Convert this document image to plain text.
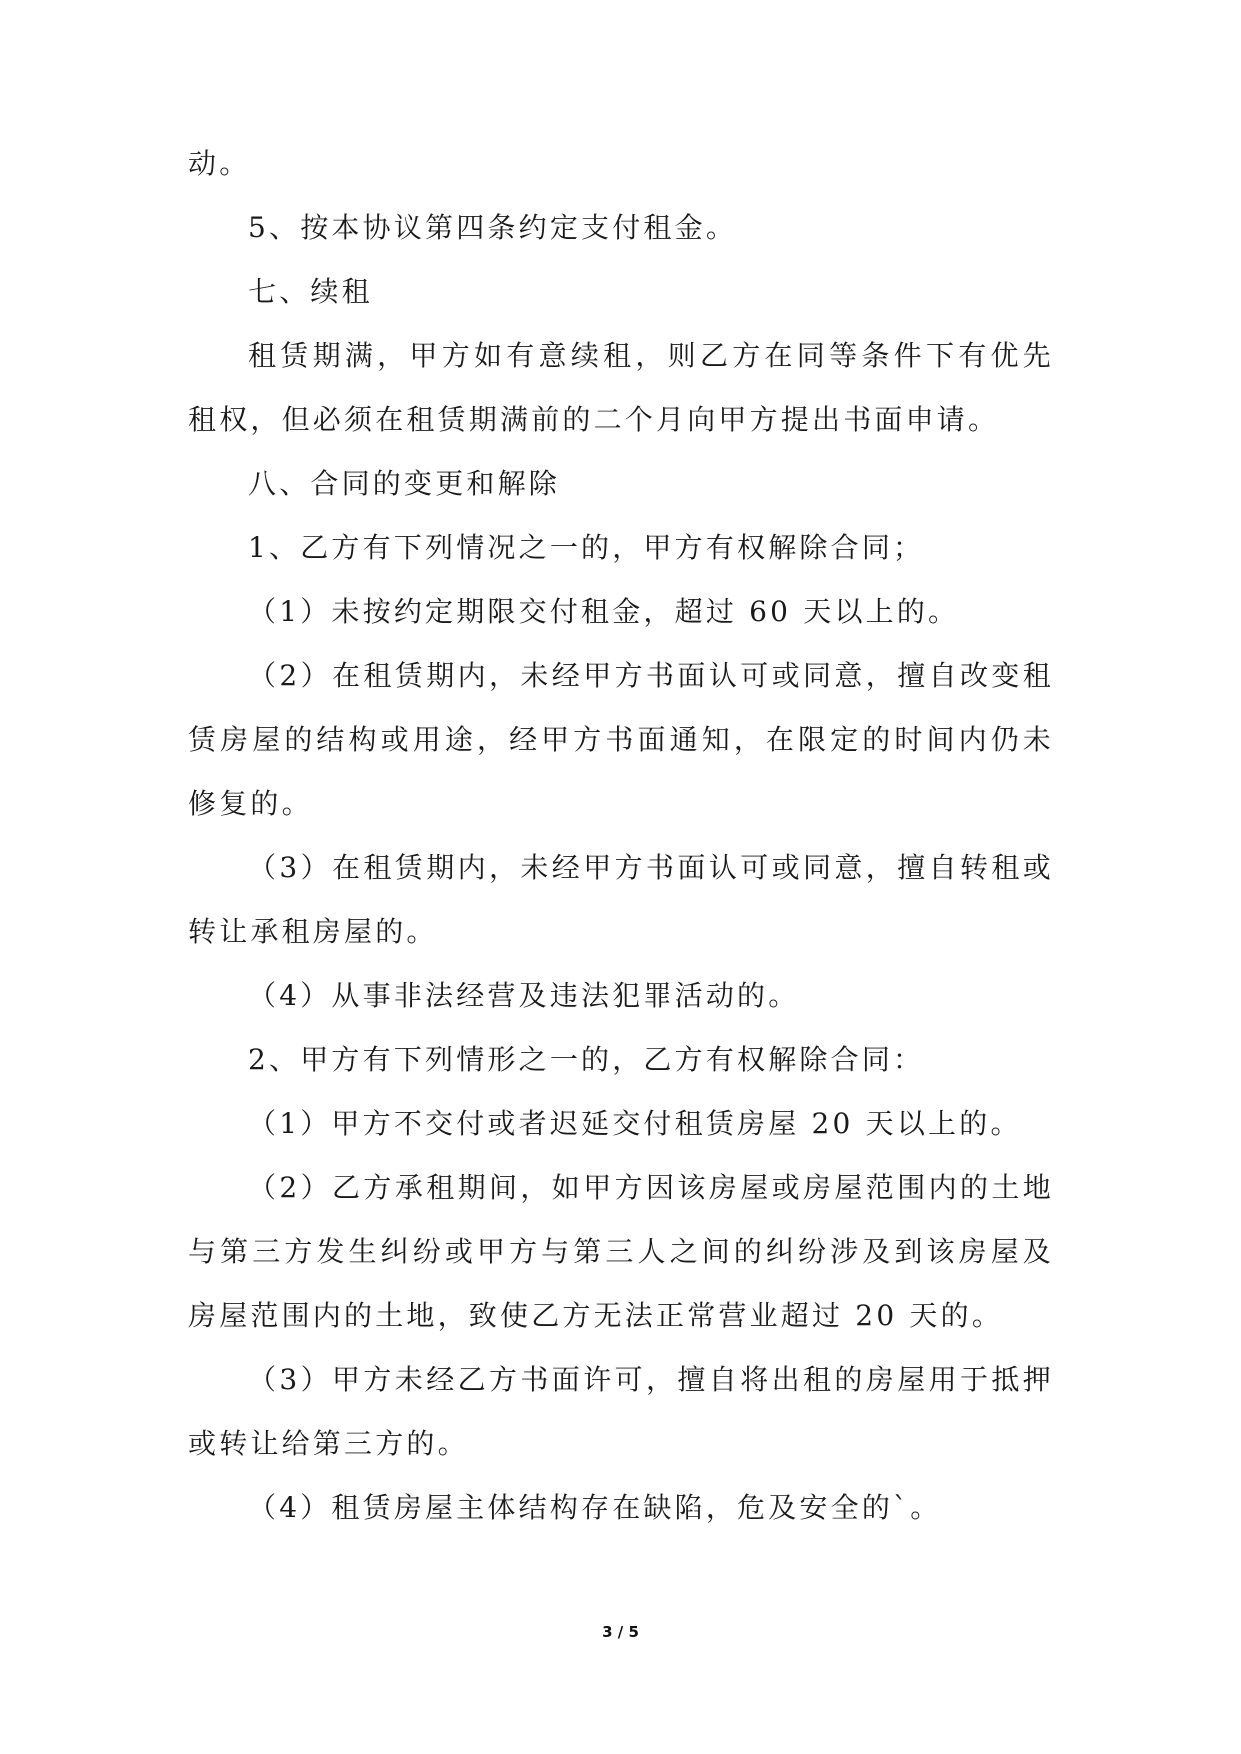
动。

5、按本协议第四条约定支付租金。

七、续租

租赁期满，甲方如有意续租，则乙方在同等条件下有优先租权，但必须在租赁期满前的二个月向甲方提出书面申请。

八、合同的变更和解除

1、乙方有下列情况之一的，甲方有权解除合同；

（1）未按约定期限交付租金，超过 60 天以上的。

（2）在租赁期内，未经甲方书面认可或同意，擅自改变租赁房屋的结构或用途，经甲方书面通知，在限定的时间内仍未修复的。

（3）在租赁期内，未经甲方书面认可或同意，擅自转租或转让承租房屋的。

（4）从事非法经营及违法犯罪活动的。

2、甲方有下列情形之一的，乙方有权解除合同：

（1）甲方不交付或者迟延交付租赁房屋 20 天以上的。

（2）乙方承租期间，如甲方因该房屋或房屋范围内的土地与第三方发生纠纷或甲方与第三人之间的纠纷涉及到该房屋及房屋范围内的土地，致使乙方无法正常营业超过 20 天的。

（3）甲方未经乙方书面许可，擅自将出租的房屋用于抵押或转让给第三方的。

（4）租赁房屋主体结构存在缺陷，危及安全的`。

3 / 5
